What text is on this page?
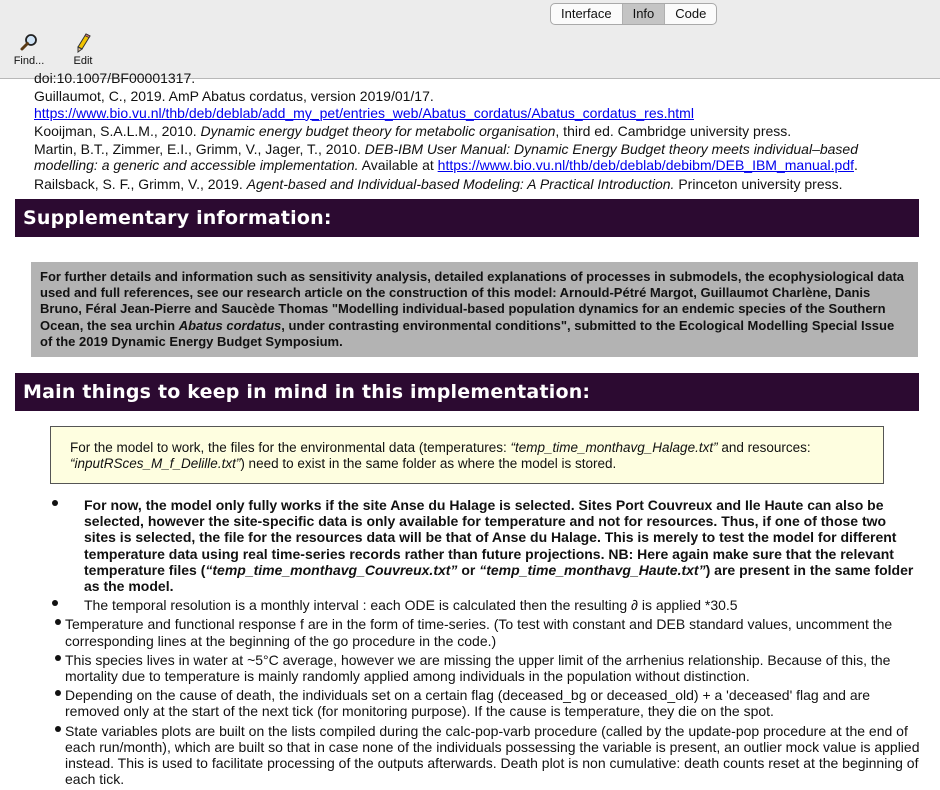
Interface	Info	Code
Find...	Edit

doi:10.1007/BF00001317.

Guillaumot, C., 2019. AmP Abatus cordatus, version 2019/01/17.
https://www.bio.vu.nl/thb/deb/deblab/add_my_pet/entries_web/Abatus_cordatus/Abatus_cordatus_res.html

Kooijman, S.A.L.M., 2010. Dynamic energy budget theory for metabolic organisation, third ed. Cambridge university press.

Martin, B.T., Zimmer, E.I., Grimm, V., Jager, T., 2010. DEB-IBM User Manual: Dynamic Energy Budget theory meets individual–based modelling: a generic and accessible implementation. Available at https://www.bio.vu.nl/thb/deb/deblab/debibm/DEB_IBM_manual.pdf.

Railsback, S. F., Grimm, V., 2019. Agent-based and Individual-based Modeling: A Practical Introduction. Princeton university press.

Supplementary information:
For further details and information such as sensitivity analysis, detailed explanations of processes in submodels, the ecophysiological data used and full references, see our research article on the construction of this model: Arnould-Pétré Margot, Guillaumot Charlène, Danis Bruno, Féral Jean-Pierre and Saucède Thomas "Modelling individual-based population dynamics for an endemic species of the Southern Ocean, the sea urchin Abatus cordatus, under contrasting environmental conditions", submitted to the Ecological Modelling Special Issue of the 2019 Dynamic Energy Budget Symposium.
Main things to keep in mind in this implementation:
For the model to work, the files for the environmental data (temperatures: “temp_time_monthavg_Halage.txt” and resources: “inputRSces_M_f_Delille.txt”) need to exist in the same folder as where the model is stored.
For now, the model only fully works if the site Anse du Halage is selected. Sites Port Couvreux and Ile Haute can also be selected, however the site-specific data is only available for temperature and not for resources. Thus, if one of those two sites is selected, the file for the resources data will be that of Anse du Halage. This is merely to test the model for different temperature data using real time-series records rather than future projections. NB: Here again make sure that the relevant temperature files (“temp_time_monthavg_Couvreux.txt” or “temp_time_monthavg_Haute.txt”) are present in the same folder as the model.
The temporal resolution is a monthly interval : each ODE is calculated then the resulting ∂ is applied *30.5
Temperature and functional response f are in the form of time-series. (To test with constant and DEB standard values, uncomment the corresponding lines at the beginning of the go procedure in the code.)
This species lives in water at ~5°C average, however we are missing the upper limit of the arrhenius relationship. Because of this, the mortality due to temperature is mainly randomly applied among individuals in the population without distinction.
Depending on the cause of death, the individuals set on a certain flag (deceased_bg or deceased_old) + a 'deceased' flag and are removed only at the start of the next tick (for monitoring purpose). If the cause is temperature, they die on the spot.
State variables plots are built on the lists compiled during the calc-pop-varb procedure (called by the update-pop procedure at the end of each run/month), which are built so that in case none of the individuals possessing the variable is present, an outlier mock value is applied instead. This is used to facilitate processing of the outputs afterwards. Death plot is non cumulative: death counts reset at the beginning of each tick.
